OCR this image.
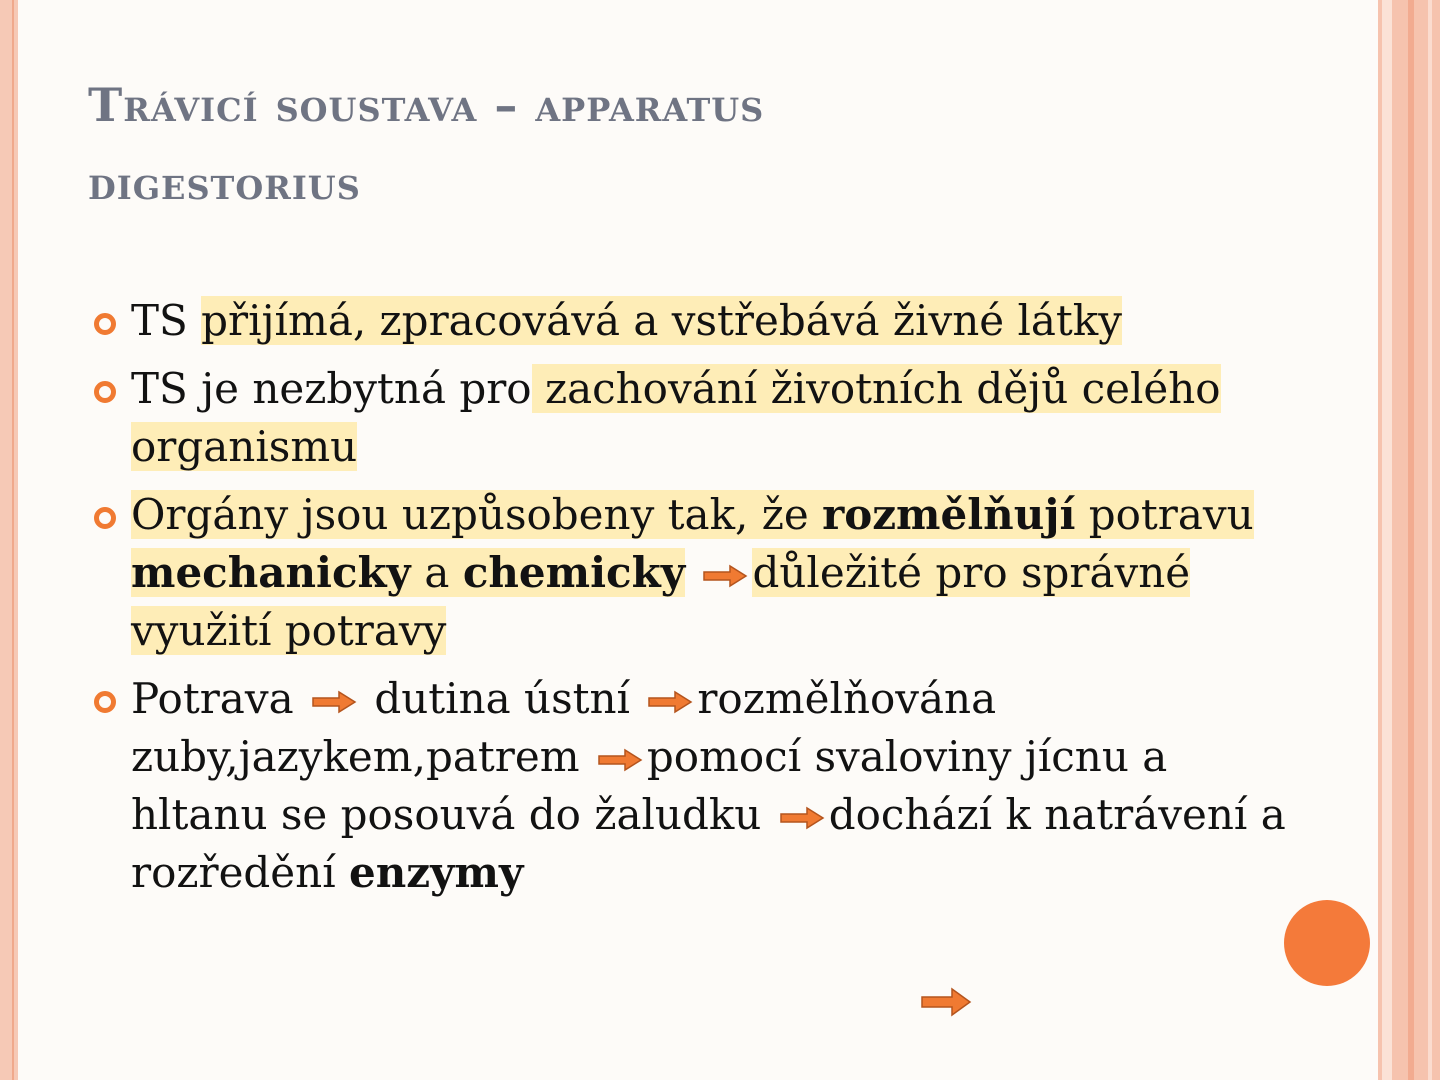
Trávicí soustava – apparatus
digestorius
TS přijímá, zpracovává a vstřebává živné látky
TS je nezbytná pro zachování životních dějů celého
organismu
Orgány jsou uzpůsobeny tak, že rozmělňují potravu
mechanicky a chemicky důležité pro správné
využití potravy
Potrava dutina ústní rozmělňována
zuby,jazykem,patrem pomocí svaloviny jícnu a
hltanu se posouvá do žaludku dochází k natrávení a
rozředění enzymy
